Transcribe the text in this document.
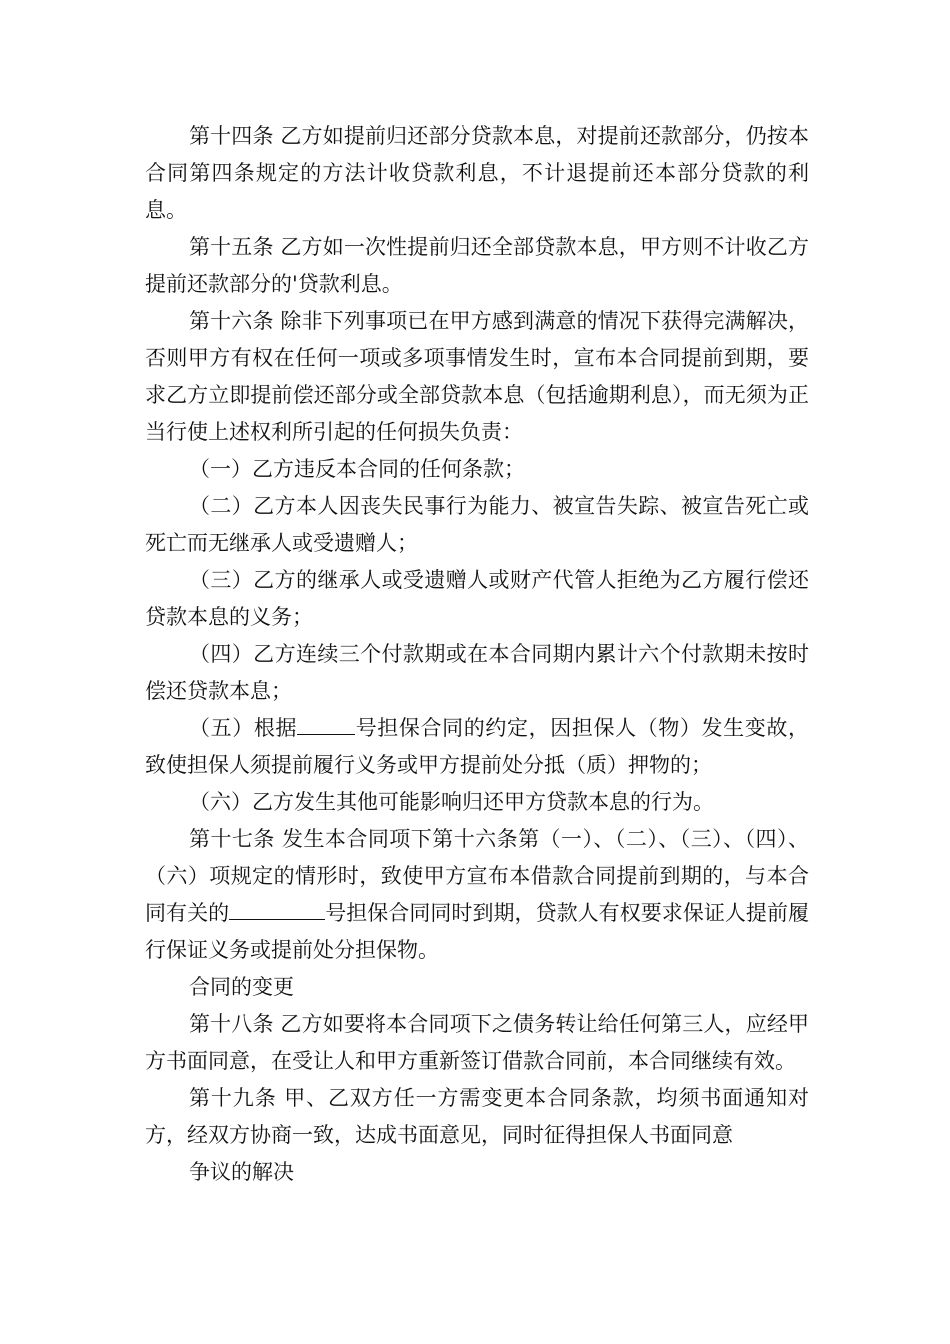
第十四条 乙方如提前归还部分贷款本息，对提前还款部分，仍按本合同第四条规定的方法计收贷款利息，不计退提前还本部分贷款的利息。

第十五条 乙方如一次性提前归还全部贷款本息，甲方则不计收乙方提前还款部分的'贷款利息。

第十六条 除非下列事项已在甲方感到满意的情况下获得完满解决，否则甲方有权在任何一项或多项事情发生时，宣布本合同提前到期，要求乙方立即提前偿还部分或全部贷款本息（包括逾期利息），而无须为正当行使上述权利所引起的任何损失负责：

（一）乙方违反本合同的任何条款；

（二）乙方本人因丧失民事行为能力、被宣告失踪、被宣告死亡或死亡而无继承人或受遗赠人；

（三）乙方的继承人或受遗赠人或财产代管人拒绝为乙方履行偿还贷款本息的义务；

（四）乙方连续三个付款期或在本合同期内累计六个付款期未按时偿还贷款本息；

（五）根据	号担保合同的约定，因担保人（物）发生变故，致使担保人须提前履行义务或甲方提前处分抵（质）押物的；

（六）乙方发生其他可能影响归还甲方贷款本息的行为。

第十七条 发生本合同项下第十六条第（一）、（二）、（三）、（四）、（六）项规定的情形时，致使甲方宣布本借款合同提前到期的，与本合同有关的	号担保合同同时到期，贷款人有权要求保证人提前履行保证义务或提前处分担保物。

合同的变更

第十八条 乙方如要将本合同项下之债务转让给任何第三人，应经甲方书面同意，在受让人和甲方重新签订借款合同前，本合同继续有效。

第十九条 甲、乙双方任一方需变更本合同条款，均须书面通知对方，经双方协商一致，达成书面意见，同时征得担保人书面同意

争议的解决
